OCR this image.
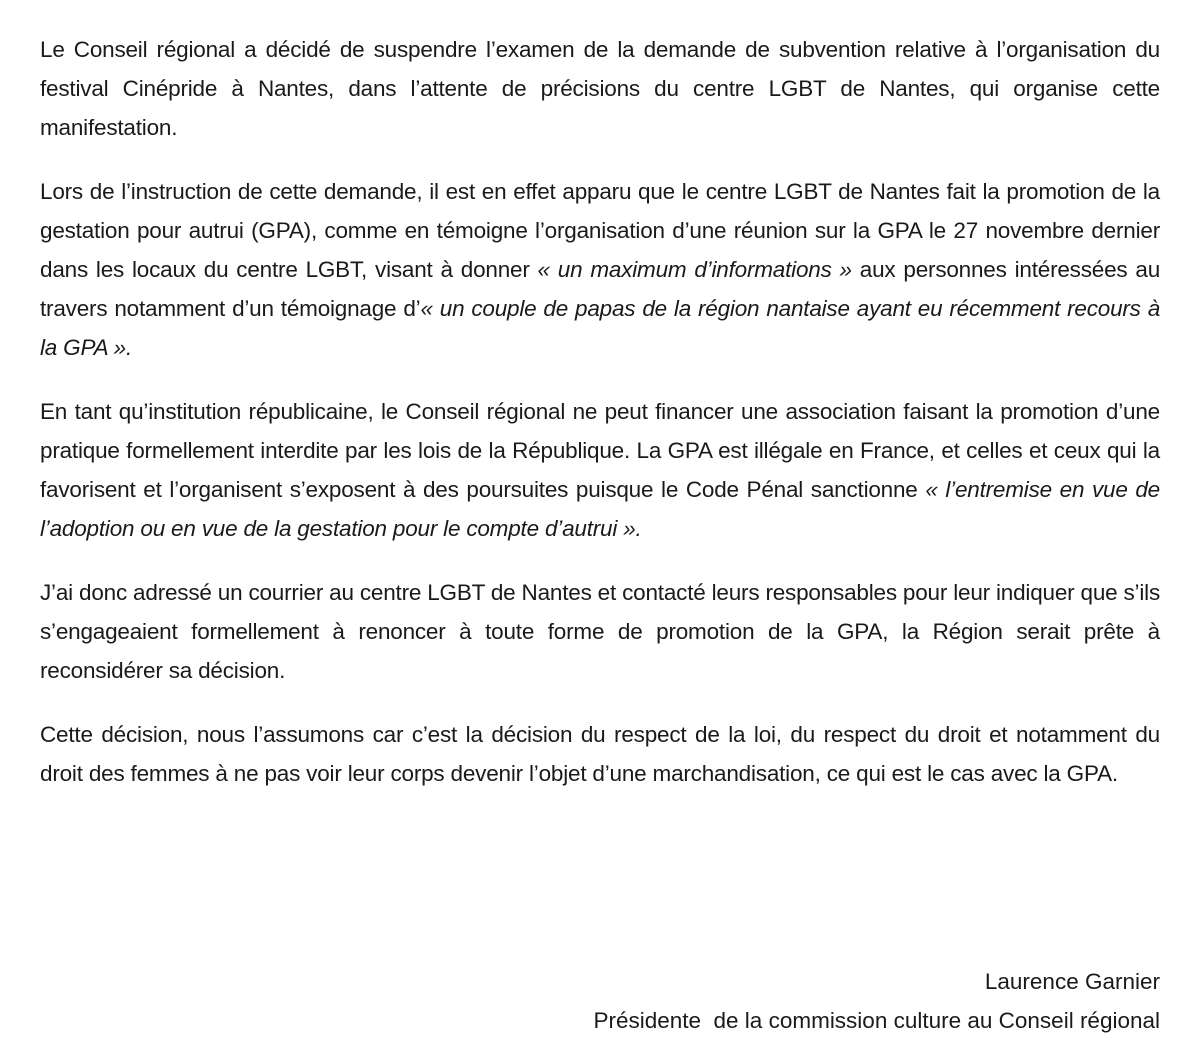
Le Conseil régional a décidé de suspendre l’examen de la demande de subvention relative à l’organisation du festival Cinépride à Nantes, dans l’attente de précisions du centre LGBT de Nantes, qui organise cette manifestation.

Lors de l’instruction de cette demande, il est en effet apparu que le centre LGBT de Nantes fait la promotion de la gestation pour autrui (GPA), comme en témoigne l’organisation d’une réunion sur la GPA le 27 novembre dernier dans les locaux du centre LGBT, visant à donner « un maximum d’informations » aux personnes intéressées au travers notamment d’un témoignage d’« un couple de papas de la région nantaise ayant eu récemment recours à la GPA ».

En tant qu’institution républicaine, le Conseil régional ne peut financer une association faisant la promotion d’une pratique formellement interdite par les lois de la République. La GPA est illégale en France, et celles et ceux qui la favorisent et l’organisent s’exposent à des poursuites puisque le Code Pénal sanctionne « l’entremise en vue de l’adoption ou en vue de la gestation pour le compte d’autrui ».

J’ai donc adressé un courrier au centre LGBT de Nantes et contacté leurs responsables pour leur indiquer que s’ils s’engageaient formellement à renoncer à toute forme de promotion de la GPA, la Région serait prête à reconsidérer sa décision.

Cette décision, nous l’assumons car c’est la décision du respect de la loi, du respect du droit et notamment du droit des femmes à ne pas voir leur corps devenir l’objet d’une marchandisation, ce qui est le cas avec la GPA.

Laurence Garnier
Présidente  de la commission culture au Conseil régional
